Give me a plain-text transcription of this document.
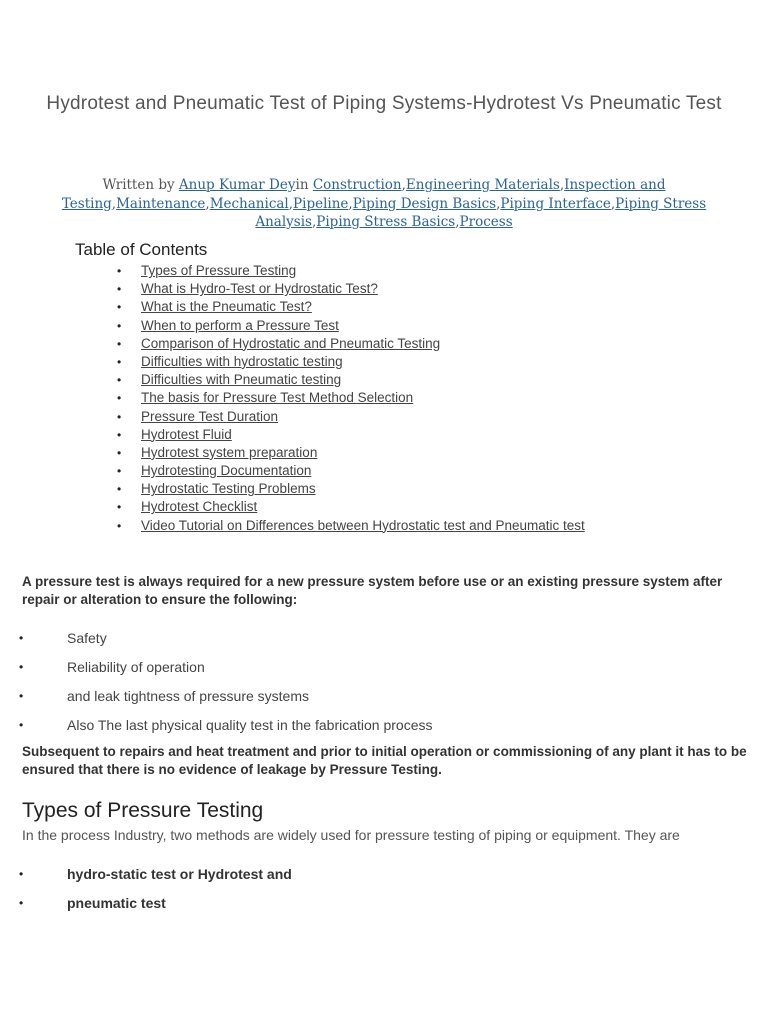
Hydrotest and Pneumatic Test of Piping Systems-Hydrotest Vs Pneumatic Test
Written by Anup Kumar Deyin Construction,Engineering Materials,Inspection and Testing,Maintenance,Mechanical,Pipeline,Piping Design Basics,Piping Interface,Piping Stress Analysis,Piping Stress Basics,Process
Table of Contents
• Types of Pressure Testing
• What is Hydro-Test or Hydrostatic Test?
• What is the Pneumatic Test?
• When to perform a Pressure Test
• Comparison of Hydrostatic and Pneumatic Testing
• Difficulties with hydrostatic testing
• Difficulties with Pneumatic testing
• The basis for Pressure Test Method Selection
• Pressure Test Duration
• Hydrotest Fluid
• Hydrotest system preparation
• Hydrotesting Documentation
• Hydrostatic Testing Problems
• Hydrotest Checklist
• Video Tutorial on Differences between Hydrostatic test and Pneumatic test
A pressure test is always required for a new pressure system before use or an existing pressure system after repair or alteration to ensure the following:
•	Safety
•	Reliability of operation
•	and leak tightness of pressure systems
•	Also The last physical quality test in the fabrication process
Subsequent to repairs and heat treatment and prior to initial operation or commissioning of any plant it has to be ensured that there is no evidence of leakage by Pressure Testing.
Types of Pressure Testing
In the process Industry, two methods are widely used for pressure testing of piping or equipment. They are
•	hydro-static test or Hydrotest and
•	pneumatic test
